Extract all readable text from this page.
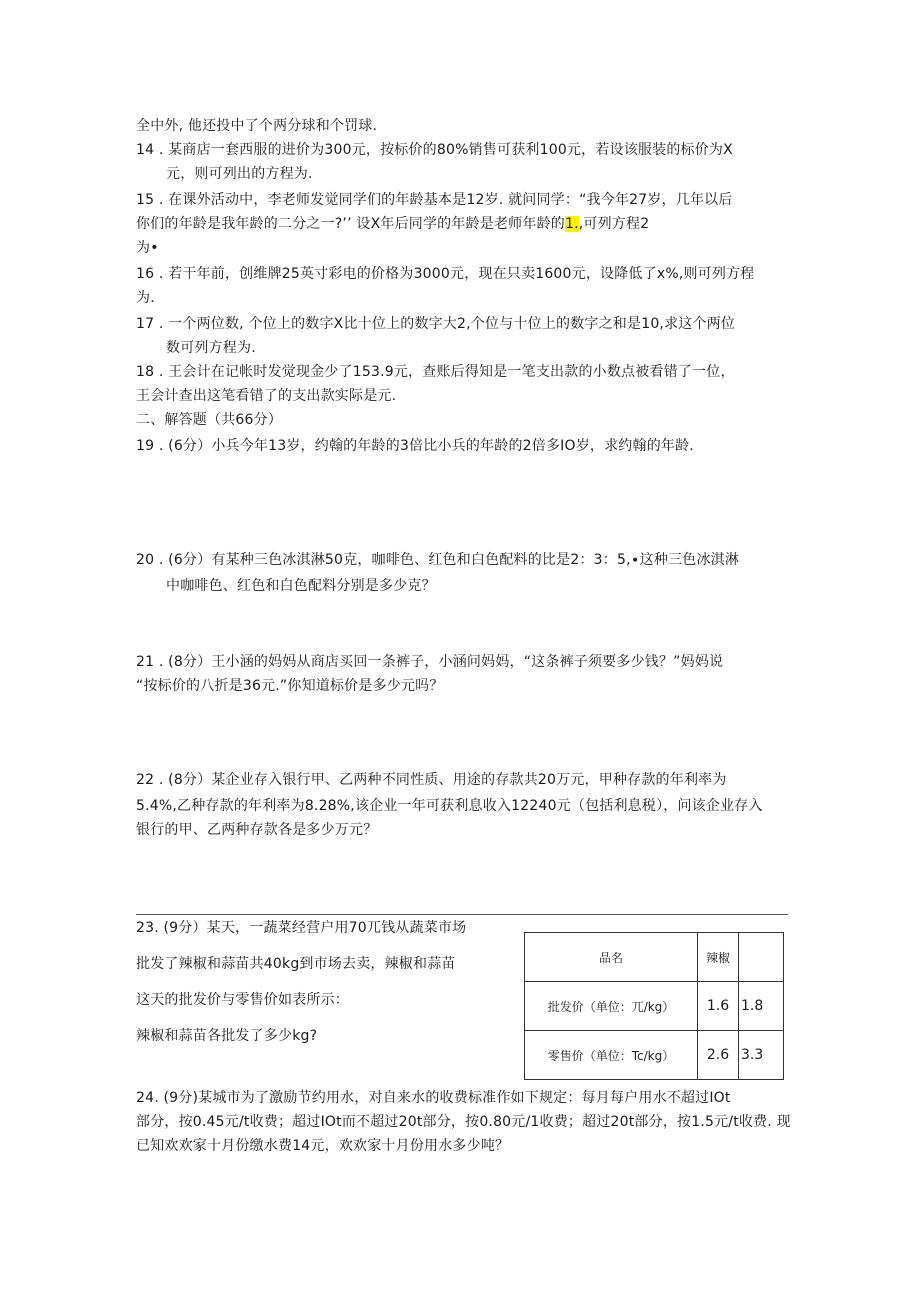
全中外, 他还投中了个两分球和个罚球.
14 . 某商店一套西服的进价为300元，按标价的80%销售可获利100元，若设该服装的标价为X
元，则可列出的方程为.
15 . 在课外活动中，李老师发觉同学们的年龄基本是12岁. 就问同学：“我今年27岁，几年以后
你们的年龄是我年龄的二分之一?’’ 设X年后同学的年龄是老师年龄的1.,可列方程2
为•
16 . 若干年前，创维牌25英寸彩电的价格为3000元，现在只卖1600元，设降低了x%,则可列方程
为.
17 . 一个两位数, 个位上的数字X比十位上的数字大2,个位与十位上的数字之和是10,求这个两位
数可列方程为.
18 . 王会计在记帐时发觉现金少了153.9元，查账后得知是一笔支出款的小数点被看错了一位，
王会计查出这笔看错了的支出款实际是元.
二、解答题（共66分）
19 . (6分）小兵今年13岁，约翰的年龄的3倍比小兵的年龄的2倍多IO岁，求约翰的年龄.
20 . (6分）有某种三色冰淇淋50克，咖啡色、红色和白色配料的比是2：3：5,∙这种三色冰淇淋
中咖啡色、红色和白色配料分别是多少克？
21 . (8分）王小涵的妈妈从商店买回一条裤子，小涵问妈妈，“这条裤子须要多少钱？”妈妈说
“按标价的八折是36元.”你知道标价是多少元吗？
22 . (8分）某企业存入银行甲、乙两种不同性质、用途的存款共20万元，甲种存款的年利率为
5.4%,乙种存款的年利率为8.28%,该企业一年可获利息收入12240元（包括利息税），问该企业存入
银行的甲、乙两种存款各是多少万元？
23. (9分）某天，一蔬菜经营户用70兀钱从蔬菜市场
批发了辣椒和蒜苗共40kg到市场去卖，辣椒和蒜苗
这天的批发价与零售价如表所示：
辣椒和蒜苗各批发了多少kg?
品名	辣椒	
批发价（单位：兀/kg）	1.6	1.8
零售价（单位：Tc/kg）	2.6	3.3
24. (9分)某城市为了激励节约用水，对自来水的收费标准作如下规定：每月每户用水不超过IOt
部分，按0.45元/t收费；超过IOt而不超过20t部分，按0.80元/1收费；超过20t部分，按1.5元/t收费. 现
已知欢欢家十月份缴水费14元，欢欢家十月份用水多少吨？
